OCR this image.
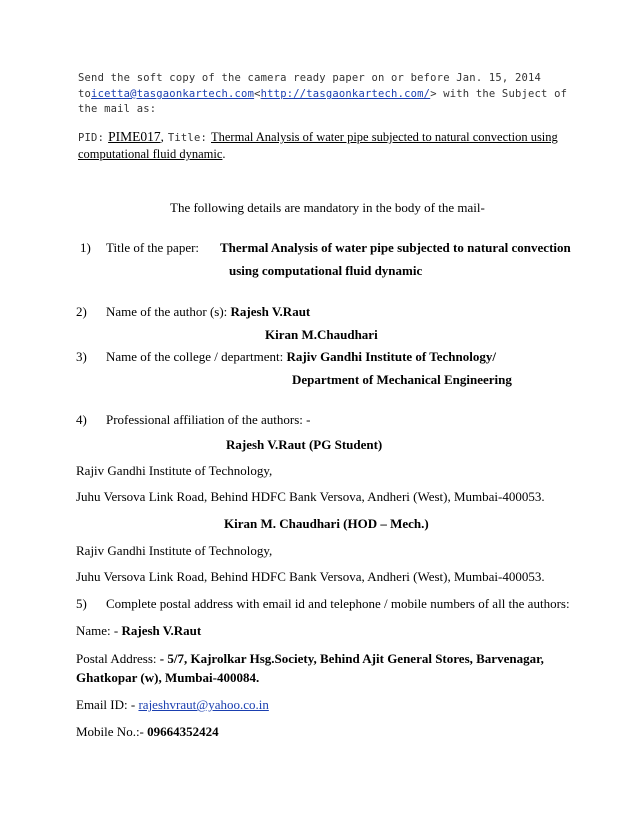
Send the soft copy of the camera ready paper on or before Jan. 15, 2014
toicetta@tasgaonkartech.com<http://tasgaonkartech.com/> with the Subject of
the mail as:
PID: PIME017, Title: Thermal Analysis of water pipe subjected to natural convection using
computational fluid dynamic.
The following details are mandatory in the body of the mail-
1) Title of the paper: Thermal Analysis of water pipe subjected to natural convection
using computational fluid dynamic
2) Name of the author (s): Rajesh V.Raut
Kiran M.Chaudhari
3) Name of the college / department: Rajiv Gandhi Institute of Technology/
Department of Mechanical Engineering
4) Professional affiliation of the authors: -
Rajesh V.Raut (PG Student)
Rajiv Gandhi Institute of Technology,
Juhu Versova Link Road, Behind HDFC Bank Versova, Andheri (West), Mumbai-400053.
Kiran M. Chaudhari (HOD – Mech.)
Rajiv Gandhi Institute of Technology,
Juhu Versova Link Road, Behind HDFC Bank Versova, Andheri (West), Mumbai-400053.
5) Complete postal address with email id and telephone / mobile numbers of all the authors:
Name: - Rajesh V.Raut
Postal Address: - 5/7, Kajrolkar Hsg.Society, Behind Ajit General Stores, Barvenagar,
Ghatkopar (w), Mumbai-400084.
Email ID: - rajeshvraut@yahoo.co.in
Mobile No.:- 09664352424
